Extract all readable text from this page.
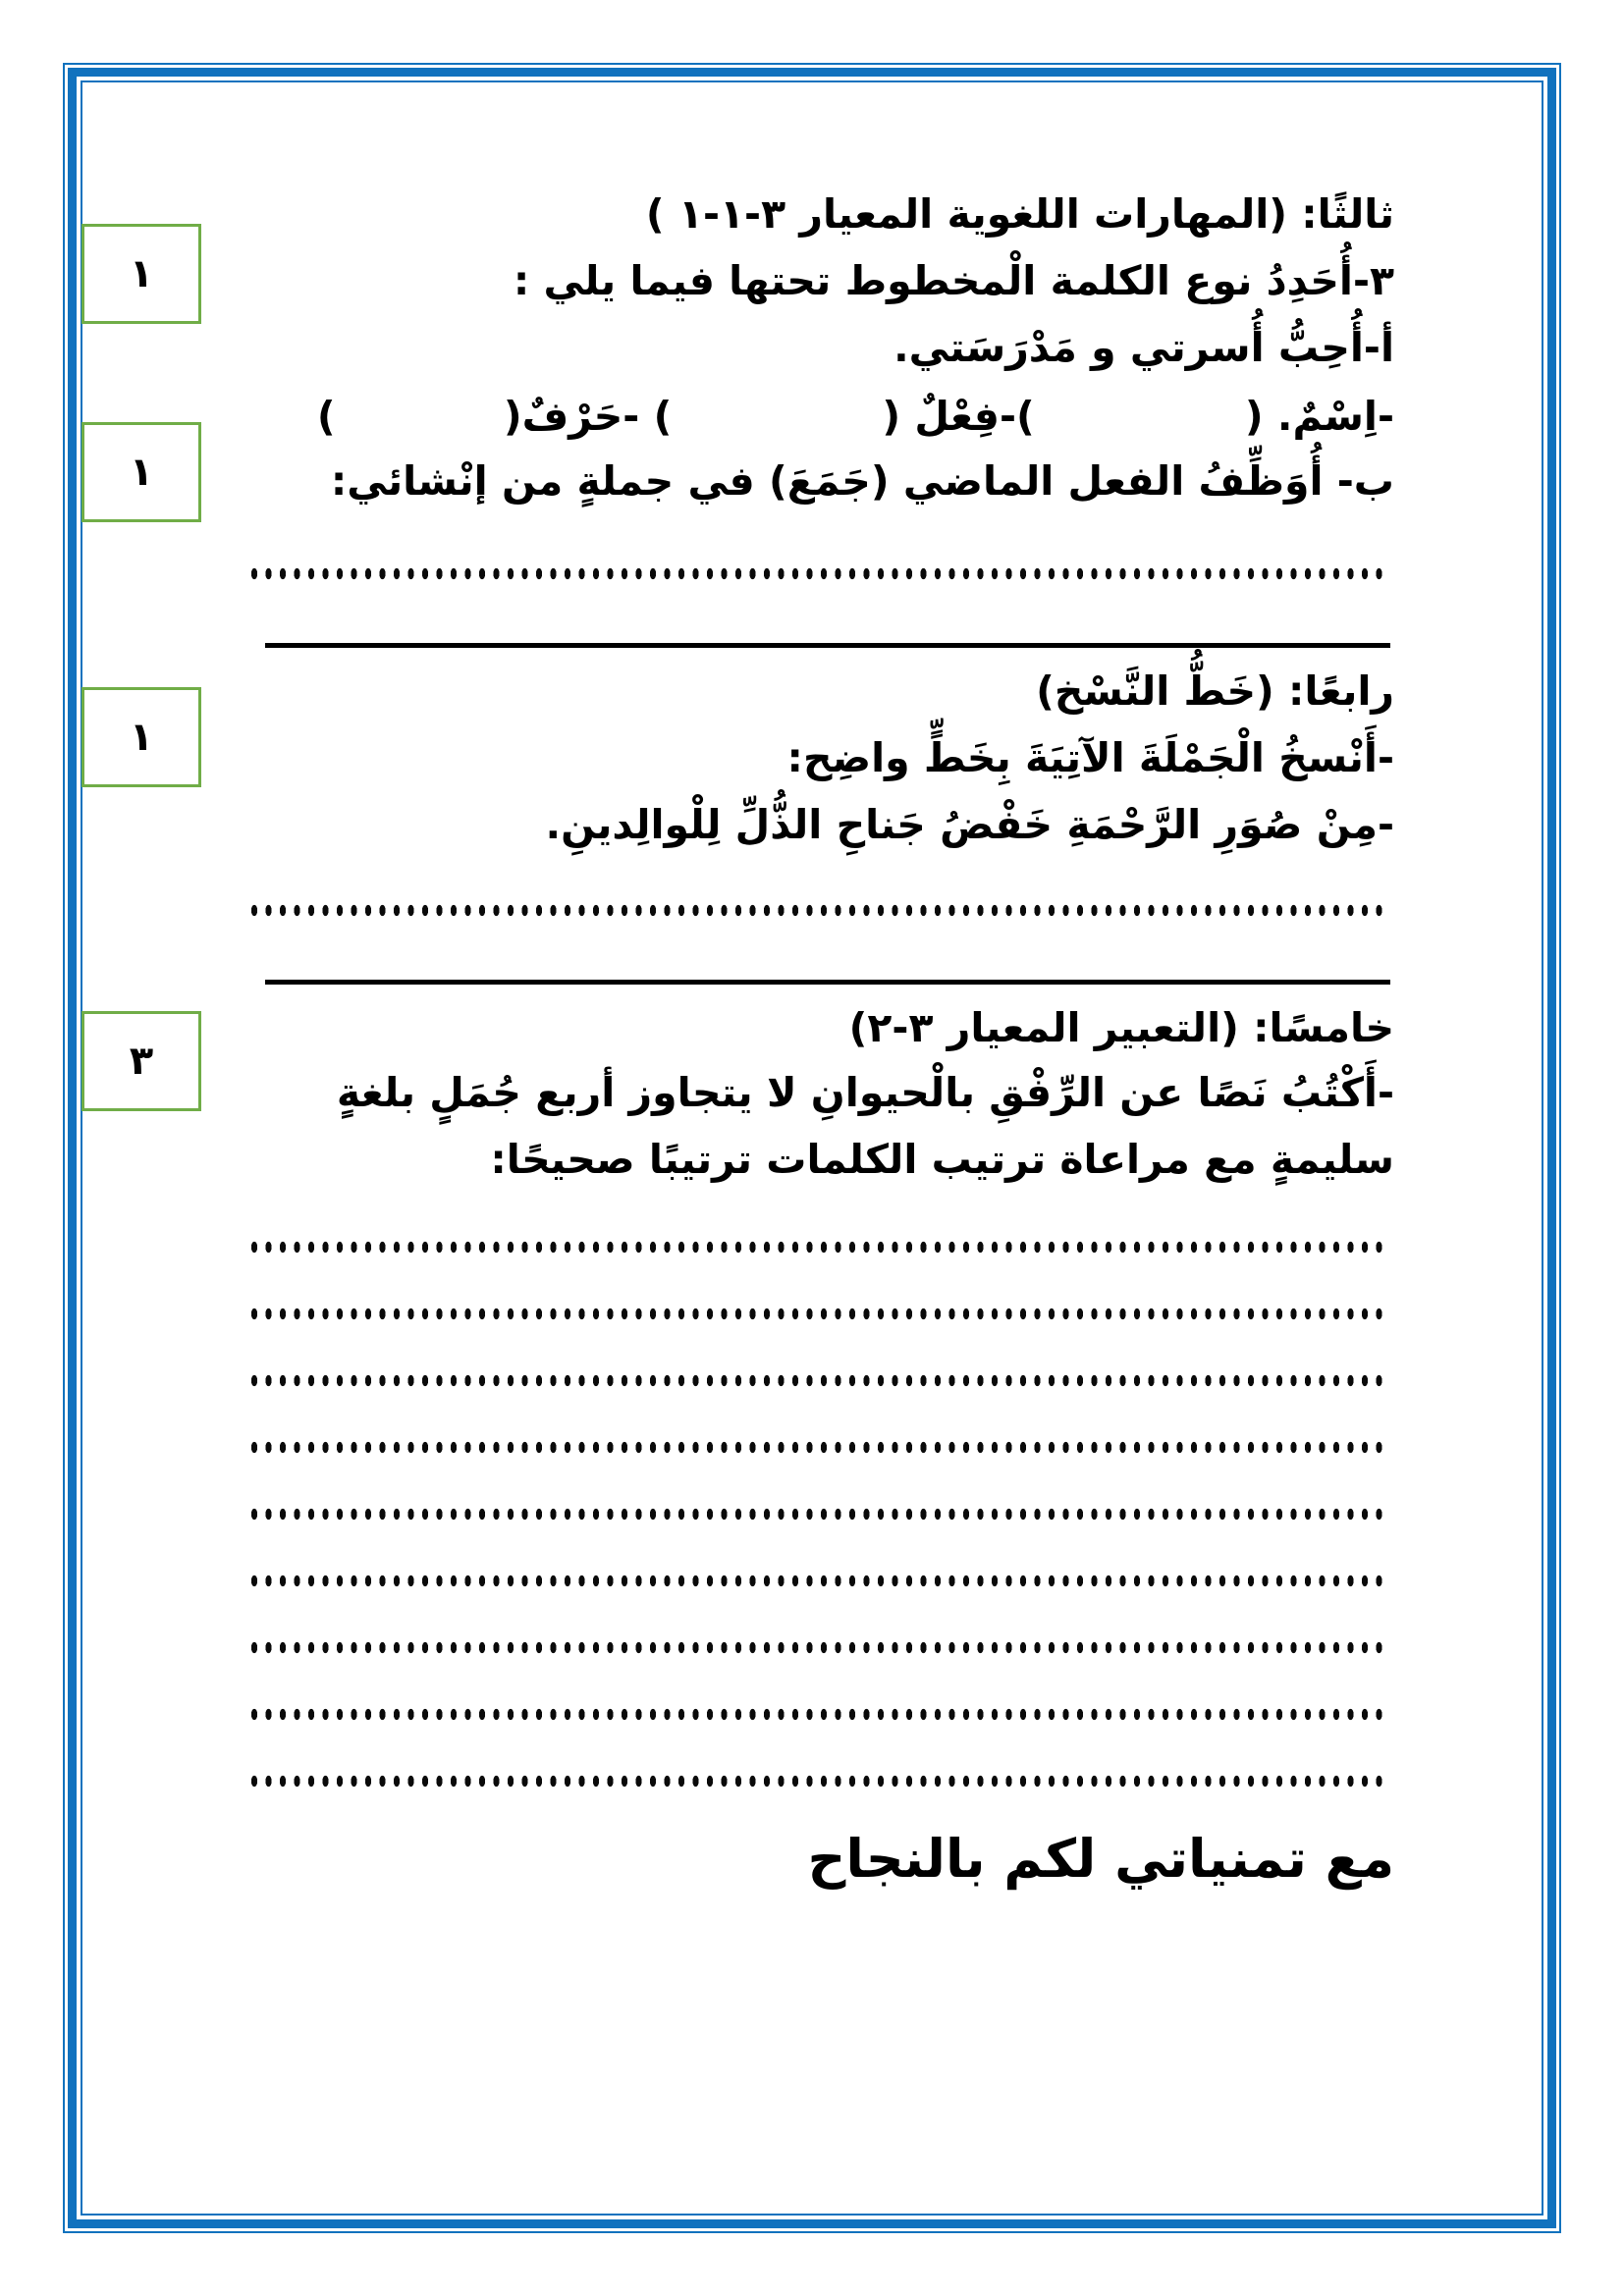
١
١
١
٣
ثالثًا: (المهارات اللغوية المعيار ٣-١-١ )
٣-أُحَدِدُ نوع الكلمة الْمخطوط تحتها فيما يلي :
أ-أُحِبُّ أُسرتي و مَدْرَسَتي.
-اِسْمٌ. (               )-فِعْلٌ (               ) -حَرْفٌ(            )
ب- أُوَظِّفُ الفعل الماضي (جَمَعَ) في جملةٍ من إنْشائي:
رابعًا: (خَطُّ النَّسْخ)
-أَنْسخُ الْجَمْلَةَ الآتِيَةَ بِخَطٍّ واضِح:
-مِنْ صُوَرِ الرَّحْمَةِ خَفْضُ جَناحِ الذُّلِّ لِلْوالِدينِ.
خامسًا: (التعبير المعيار ٣-٢)
-أَكْتُبُ نَصًا عن الرِّفْقِ بالْحيوانِ لا يتجاوز أربع جُمَلٍ بلغةٍ
سليمةٍ مع مراعاة ترتيب الكلمات ترتيبًا صحيحًا:
مع تمنياتي لكم بالنجاح
